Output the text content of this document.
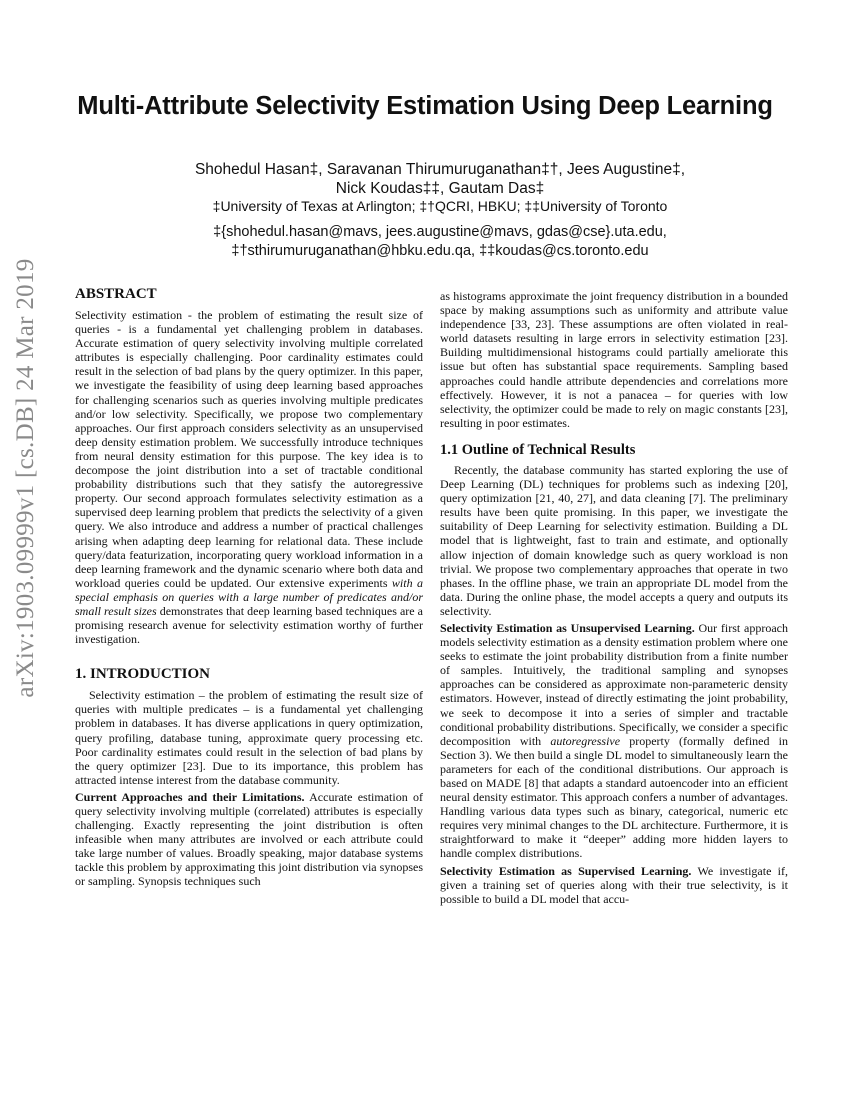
arXiv:1903.09999v1 [cs.DB] 24 Mar 2019
Multi-Attribute Selectivity Estimation Using Deep Learning
Shohedul Hasan‡, Saravanan Thirumuruganathan‡†, Jees Augustine‡,
Nick Koudas‡‡, Gautam Das‡
‡University of Texas at Arlington; ‡†QCRI, HBKU; ‡‡University of Toronto
‡{shohedul.hasan@mavs, jees.augustine@mavs, gdas@cse}.uta.edu,
‡†sthirumuruganathan@hbku.edu.qa, ‡‡koudas@cs.toronto.edu
ABSTRACT

Selectivity estimation - the problem of estimating the result size of queries - is a fundamental yet challenging problem in databases. Accurate estimation of query selectivity involving multiple correlated attributes is especially challenging. Poor cardinality estimates could result in the selection of bad plans by the query optimizer. In this paper, we investigate the feasibility of using deep learning based approaches for challenging scenarios such as queries involving multiple predicates and/or low selectivity. Specifically, we propose two complementary approaches. Our first approach considers selectivity as an unsupervised deep density estimation problem. We successfully introduce techniques from neural density estimation for this purpose. The key idea is to decompose the joint distribution into a set of tractable conditional probability distributions such that they satisfy the autoregressive property. Our second approach formulates selectivity estimation as a supervised deep learning problem that predicts the selectivity of a given query. We also introduce and address a number of practical challenges arising when adapting deep learning for relational data. These include query/data featurization, incorporating query workload information in a deep learning framework and the dynamic scenario where both data and workload queries could be updated. Our extensive experiments with a special emphasis on queries with a large number of predicates and/or small result sizes demonstrates that deep learning based techniques are a promising research avenue for selectivity estimation worthy of further investigation.

1. INTRODUCTION

Selectivity estimation – the problem of estimating the result size of queries with multiple predicates – is a fundamental yet challenging problem in databases. It has diverse applications in query optimization, query profiling, database tuning, approximate query processing etc. Poor cardinality estimates could result in the selection of bad plans by the query optimizer [23]. Due to its importance, this problem has attracted intense interest from the database community.

Current Approaches and their Limitations. Accurate estimation of query selectivity involving multiple (correlated) attributes is especially challenging. Exactly representing the joint distribution is often infeasible when many attributes are involved or each attribute could take large number of values. Broadly speaking, major database systems tackle this problem by approximating this joint distribution via synopses or sampling. Synopsis techniques such

as histograms approximate the joint frequency distribution in a bounded space by making assumptions such as uniformity and attribute value independence [33, 23]. These assumptions are often violated in real-world datasets resulting in large errors in selectivity estimation [23]. Building multidimensional histograms could partially ameliorate this issue but often has substantial space requirements. Sampling based approaches could handle attribute dependencies and correlations more effectively. However, it is not a panacea – for queries with low selectivity, the optimizer could be made to rely on magic constants [23], resulting in poor estimates.

1.1 Outline of Technical Results

Recently, the database community has started exploring the use of Deep Learning (DL) techniques for problems such as indexing [20], query optimization [21, 40, 27], and data cleaning [7]. The preliminary results have been quite promising. In this paper, we investigate the suitability of Deep Learning for selectivity estimation. Building a DL model that is lightweight, fast to train and estimate, and optionally allow injection of domain knowledge such as query workload is non trivial. We propose two complementary approaches that operate in two phases. In the offline phase, we train an appropriate DL model from the data. During the online phase, the model accepts a query and outputs its selectivity.

Selectivity Estimation as Unsupervised Learning. Our first approach models selectivity estimation as a density estimation problem where one seeks to estimate the joint probability distribution from a finite number of samples. Intuitively, the traditional sampling and synopses approaches can be considered as approximate non-parameteric density estimators. However, instead of directly estimating the joint probability, we seek to decompose it into a series of simpler and tractable conditional probability distributions. Specifically, we consider a specific decomposition with autoregressive property (formally defined in Section 3). We then build a single DL model to simultaneously learn the parameters for each of the conditional distributions. Our approach is based on MADE [8] that adapts a standard autoencoder into an efficient neural density estimator. This approach confers a number of advantages. Handling various data types such as binary, categorical, numeric etc requires very minimal changes to the DL architecture. Furthermore, it is straightforward to make it “deeper” adding more hidden layers to handle complex distributions.

Selectivity Estimation as Supervised Learning. We investigate if, given a training set of queries along with their true selectivity, is it possible to build a DL model that accu-
